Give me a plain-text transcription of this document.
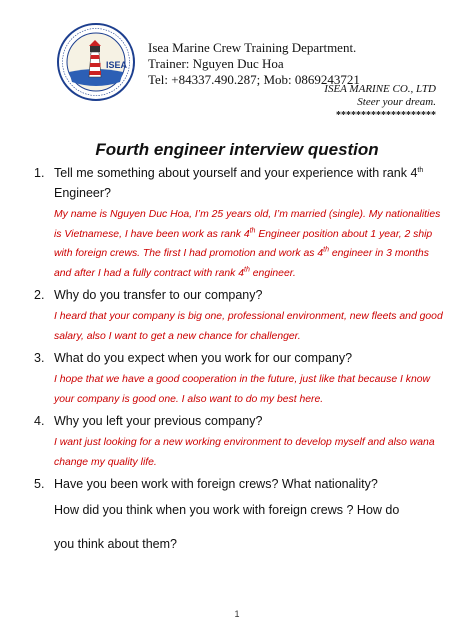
ISEA
Isea Marine Crew Training Department.
Trainer: Nguyen Duc Hoa
Tel: +84337.490.287; Mob: 0869243721
ISEA MARINE CO., LTD
Steer your dream.
********************
Fourth engineer interview question
1. Tell me something about yourself and your experience with rank 4th Engineer?
My name is Nguyen Duc Hoa, I’m 25 years old, I’m married (single). My nationalities is Vietnamese, I have been work as rank 4th Engineer position about 1 year, 2 ship with foreign crews. The first I had promotion and work as 4th engineer in 3 months and after I had a fully contract with rank 4th engineer.
2. Why do you transfer to our company?
I heard that your company is big one, professional environment, new fleets and good salary, also I want to get a new chance for challenger.
3. What do you expect when you work for our company?
I hope that we have a good cooperation in the future, just like that because I know your company is good one. I also want to do my best here.
4. Why you left your previous company?
I want just looking for a new working environment to develop myself and also wana change my quality life.
5. Have you been work with foreign crews? What nationality?
How did you think when you work with foreign crews ? How do
you think about them?
1
